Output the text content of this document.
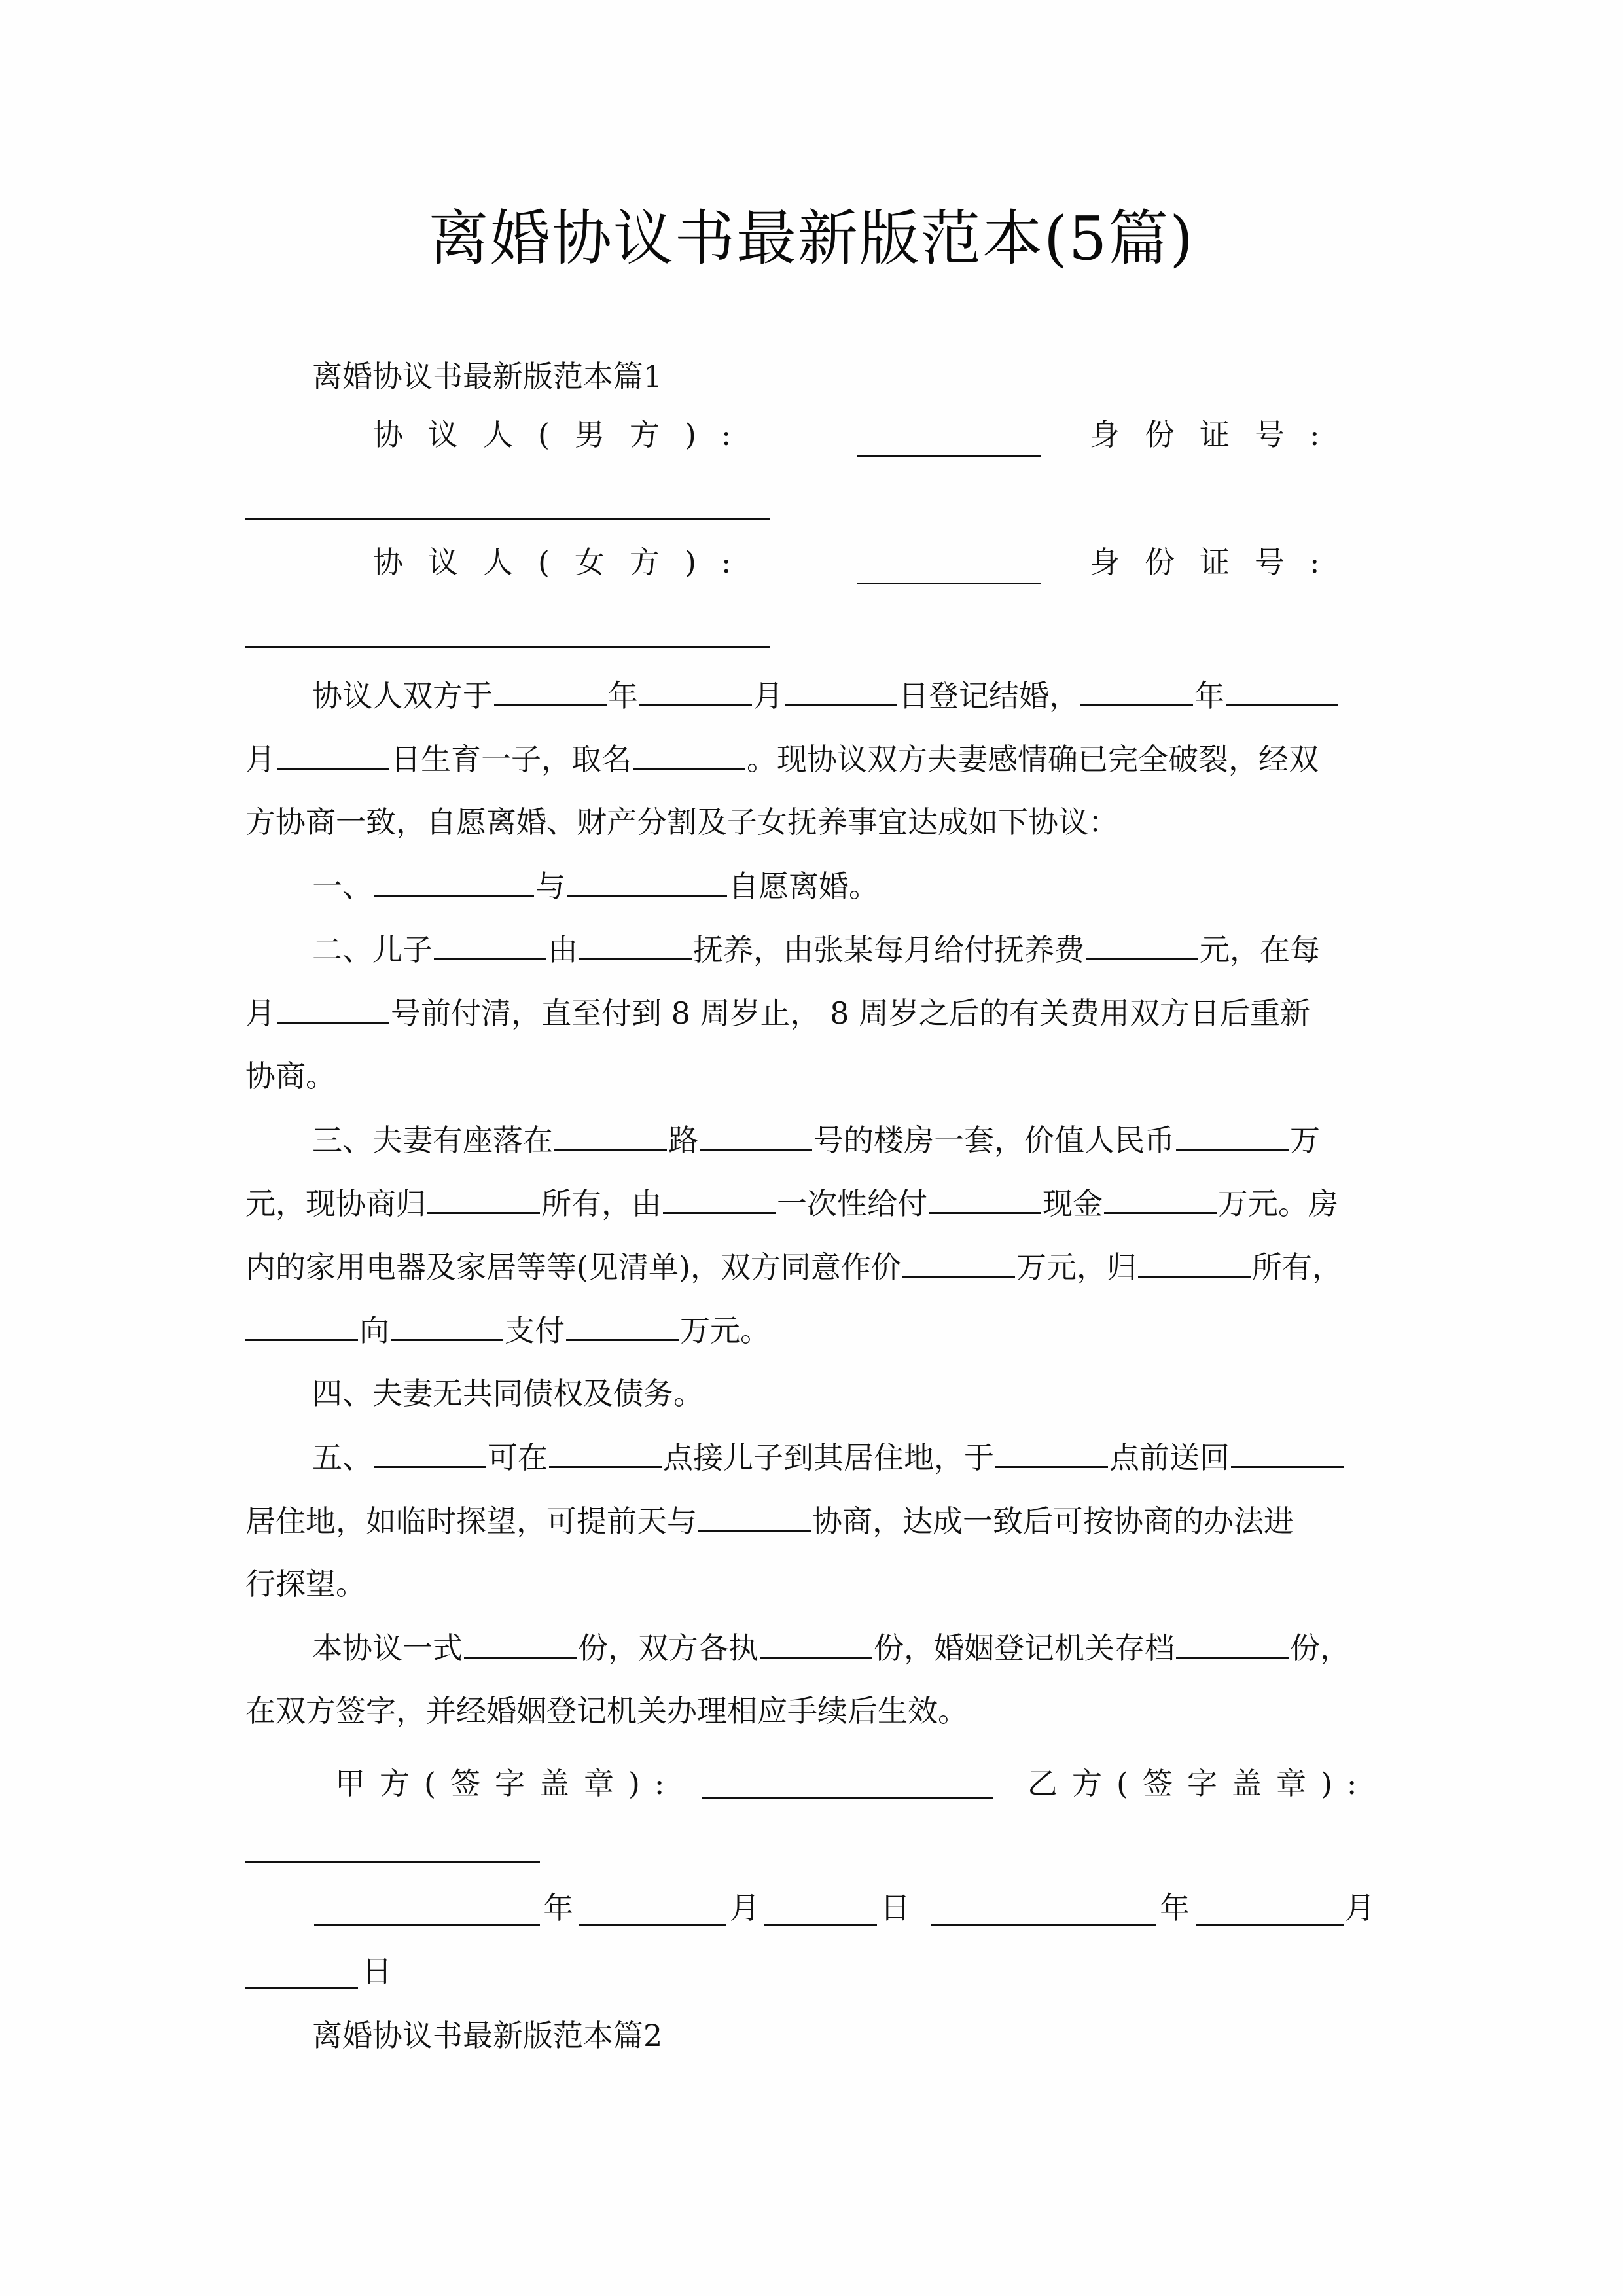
离婚协议书最新版范本(5篇)
离婚协议书最新版范本篇1
协议人(男方):	身份证号:
协议人(女方):	身份证号:
协议人双方于	年	月	日登记结婚，	年
月	日生育一子，取名	。现协议双方夫妻感情确已完全破裂，经双
方协商一致，自愿离婚、财产分割及子女抚养事宜达成如下协议：
一、	与	自愿离婚。
二、儿子	由	抚养，由张某每月给付抚养费	元，在每
月	号前付清，直至付到 8 周岁止， 8 周岁之后的有关费用双方日后重新
协商。
三、夫妻有座落在	路	号的楼房一套，价值人民币	万
元，现协商归	所有，由	一次性给付	现金	万元。房
内的家用电器及家居等等(见清单)，双方同意作价	万元，归	所有，
向	支付	万元。
四、夫妻无共同债权及债务。
五、	可在	点接儿子到其居住地，于	点前送回
居住地，如临时探望，可提前天与	协商，达成一致后可按协商的办法进
行探望。
本协议一式	份，双方各执	份，婚姻登记机关存档	份，
在双方签字，并经婚姻登记机关办理相应手续后生效。
甲方(签字盖章):	乙方(签字盖章):
年	月	日	年	月
日
离婚协议书最新版范本篇2
